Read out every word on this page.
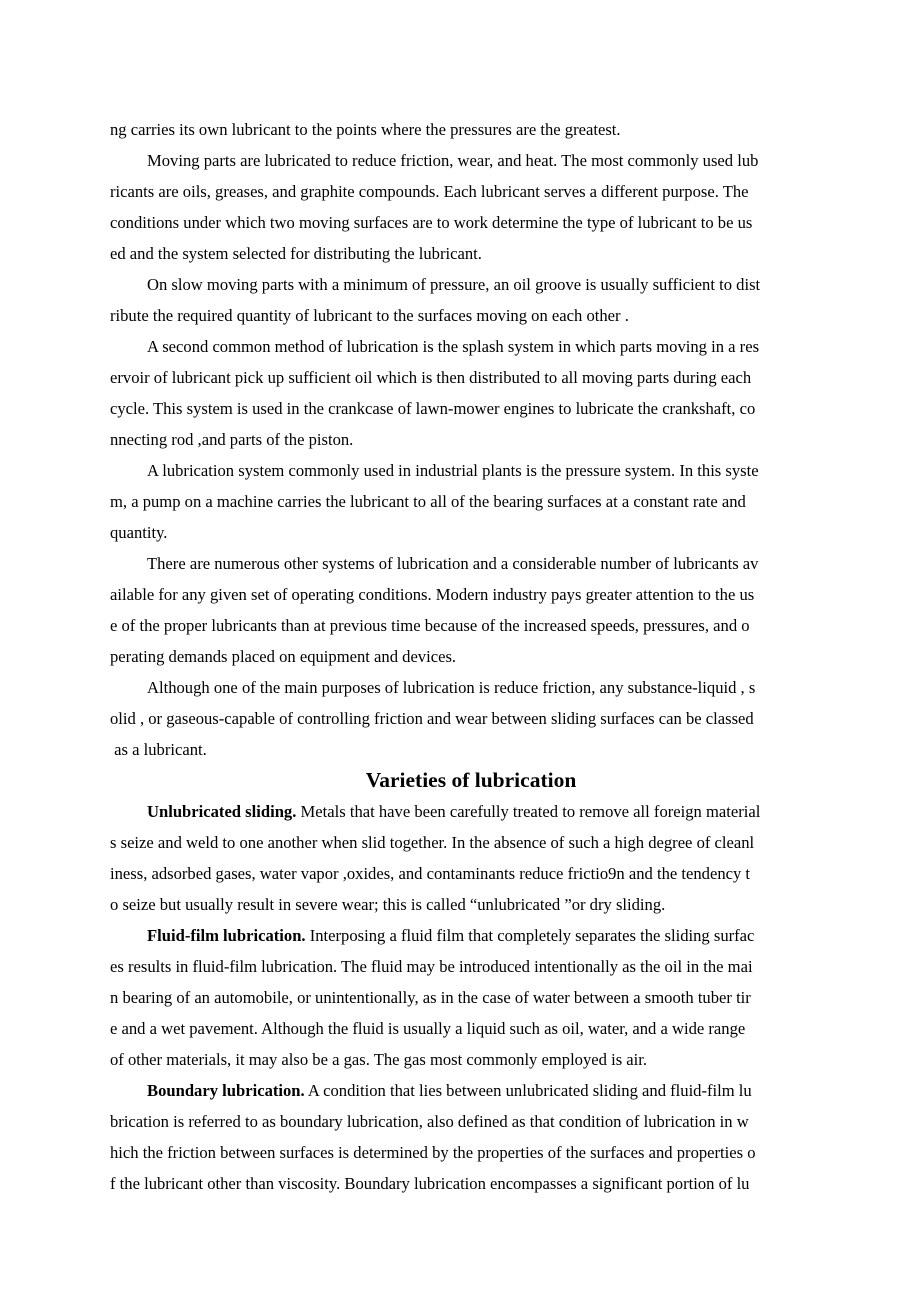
ng carries its own lubricant to the points where the pressures are the greatest.
Moving parts are lubricated to reduce friction, wear, and heat. The most commonly used lub
ricants are oils, greases, and graphite compounds. Each lubricant serves a different purpose. The
conditions under which two moving surfaces are to work determine the type of lubricant to be us
ed and the system selected for distributing the lubricant.
On slow moving parts with a minimum of pressure, an oil groove is usually sufficient to dist
ribute the required quantity of lubricant to the surfaces moving on each other .
A second common method of lubrication is the splash system in which parts moving in a res
ervoir of lubricant pick up sufficient oil which is then distributed to all moving parts during each
cycle. This system is used in the crankcase of lawn-mower engines to lubricate the crankshaft, co
nnecting rod ,and parts of the piston.
A lubrication system commonly used in industrial plants is the pressure system. In this syste
m, a pump on a machine carries the lubricant to all of the bearing surfaces at a constant rate and
quantity.
There are numerous other systems of lubrication and a considerable number of lubricants av
ailable for any given set of operating conditions. Modern industry pays greater attention to the us
e of the proper lubricants than at previous time because of the increased speeds, pressures, and o
perating demands placed on equipment and devices.
Although one of the main purposes of lubrication is reduce friction, any substance-liquid , s
olid , or gaseous-capable of controlling friction and wear between sliding surfaces can be classed
as a lubricant.
Varieties of lubrication
Unlubricated sliding. Metals that have been carefully treated to remove all foreign material
s seize and weld to one another when slid together. In the absence of such a high degree of cleanl
iness, adsorbed gases, water vapor ,oxides, and contaminants reduce frictio9n and the tendency t
o seize but usually result in severe wear; this is called “unlubricated ”or dry sliding.
Fluid-film lubrication. Interposing a fluid film that completely separates the sliding surfac
es results in fluid-film lubrication. The fluid may be introduced intentionally as the oil in the mai
n bearing of an automobile, or unintentionally, as in the case of water between a smooth tuber tir
e and a wet pavement. Although the fluid is usually a liquid such as oil, water, and a wide range
of other materials, it may also be a gas. The gas most commonly employed is air.
Boundary lubrication. A condition that lies between unlubricated sliding and fluid-film lu
brication is referred to as boundary lubrication, also defined as that condition of lubrication in w
hich the friction between surfaces is determined by the properties of the surfaces and properties o
f the lubricant other than viscosity. Boundary lubrication encompasses a significant portion of lu
